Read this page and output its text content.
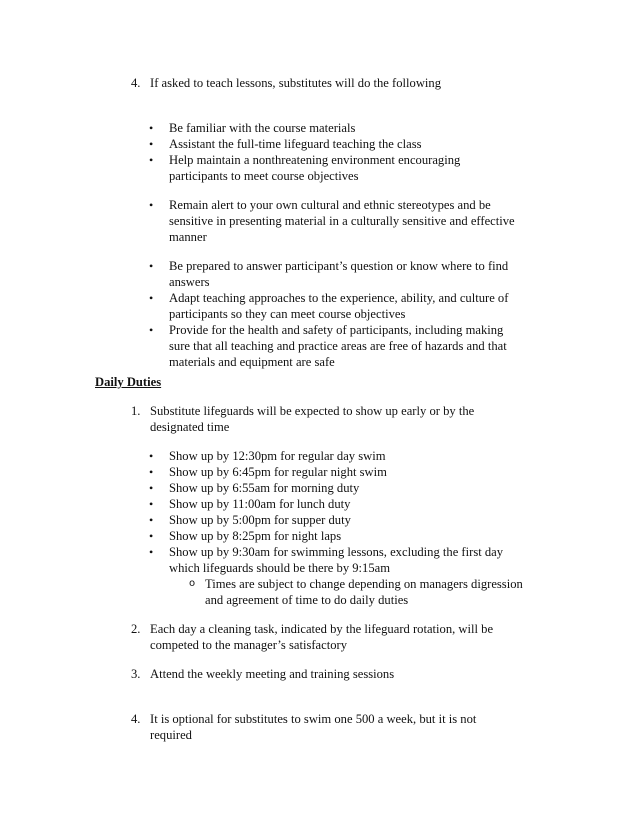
4. If asked to teach lessons, substitutes will do the following
• Be familiar with the course materials
• Assistant the full-time lifeguard teaching the class
• Help maintain a nonthreatening environment encouraging
participants to meet course objectives
• Remain alert to your own cultural and ethnic stereotypes and be
sensitive in presenting material in a culturally sensitive and effective
manner
• Be prepared to answer participant’s question or know where to find
answers
• Adapt teaching approaches to the experience, ability, and culture of
participants so they can meet course objectives
• Provide for the health and safety of participants, including making
sure that all teaching and practice areas are free of hazards and that
materials and equipment are safe
Daily Duties
1. Substitute lifeguards will be expected to show up early or by the
designated time
• Show up by 12:30pm for regular day swim
• Show up by 6:45pm for regular night swim
• Show up by 6:55am for morning duty
• Show up by 11:00am for lunch duty
• Show up by 5:00pm for supper duty
• Show up by 8:25pm for night laps
• Show up by 9:30am for swimming lessons, excluding the first day
which lifeguards should be there by 9:15am
o Times are subject to change depending on managers digression
and agreement of time to do daily duties
2. Each day a cleaning task, indicated by the lifeguard rotation, will be
competed to the manager’s satisfactory
3. Attend the weekly meeting and training sessions
4. It is optional for substitutes to swim one 500 a week, but it is not
required
